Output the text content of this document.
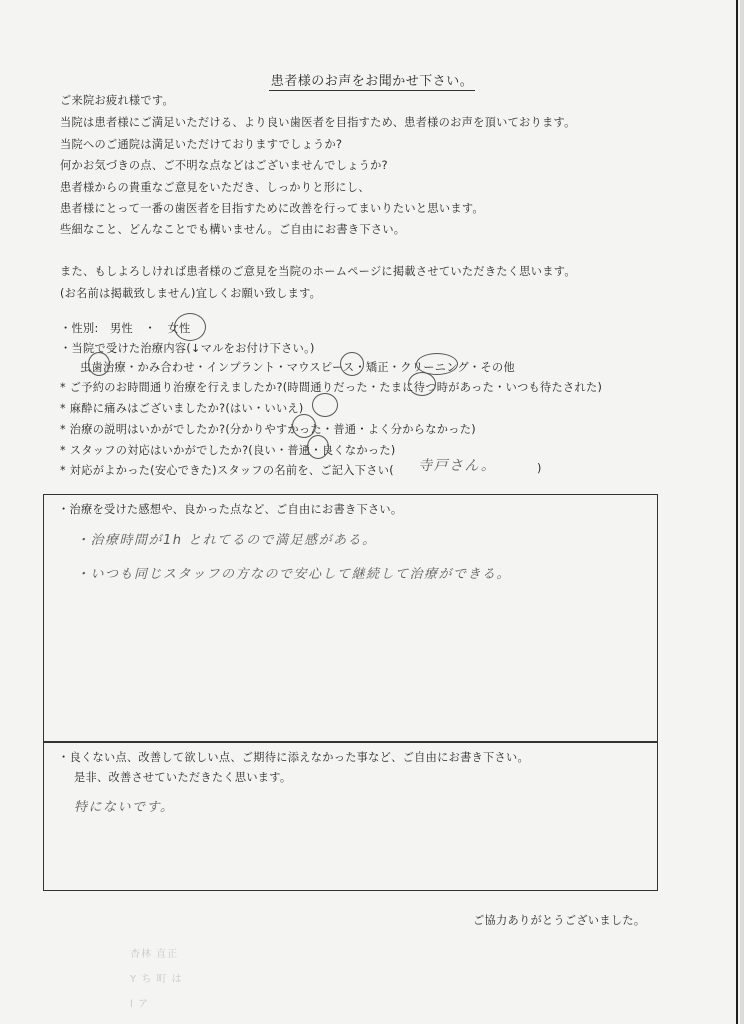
患者様のお声をお聞かせ下さい。
ご来院お疲れ様です。
当院は患者様にご満足いただける、より良い歯医者を目指すため、患者様のお声を頂いております。
当院へのご通院は満足いただけておりますでしょうか?
何かお気づきの点、ご不明な点などはございませんでしょうか?
患者様からの貴重なご意見をいただき、しっかりと形にし、
患者様にとって一番の歯医者を目指すために改善を行ってまいりたいと思います。
些細なこと、どんなことでも構いません。ご自由にお書き下さい。
また、もしよろしければ患者様のご意見を当院のホームページに掲載させていただきたく思います。
(お名前は掲載致しません)宜しくお願い致します。
・性別:　男性　・　女性
・当院で受けた治療内容(↓マルをお付け下さい。)
虫歯治療・かみ合わせ・インプラント・マウスピース・矯正・クリーニング・その他
* ご予約のお時間通り治療を行えましたか?(時間通りだった・たまに待つ時があった・いつも待たされた)
* 麻酔に痛みはございましたか?(はい・いいえ)
* 治療の説明はいかがでしたか?(分かりやすかった・普通・よく分からなかった)
* スタッフの対応はいかがでしたか?(良い・普通・良くなかった)
* 対応がよかった(安心できた)スタッフの名前を、ご記入下さい( 寺戸さん。	)
・治療を受けた感想や、良かった点など、ご自由にお書き下さい。
・治療時間が1h とれてるので満足感がある。
・いつも同じスタッフの方なので安心して継続して治療ができる。
・良くない点、改善して欲しい点、ご期待に添えなかった事など、ご自由にお書き下さい。
是非、改善させていただきたく思います。
特にないです。
ご協力ありがとうございました。
杏林 直正
Y ち 町 は
l ア
